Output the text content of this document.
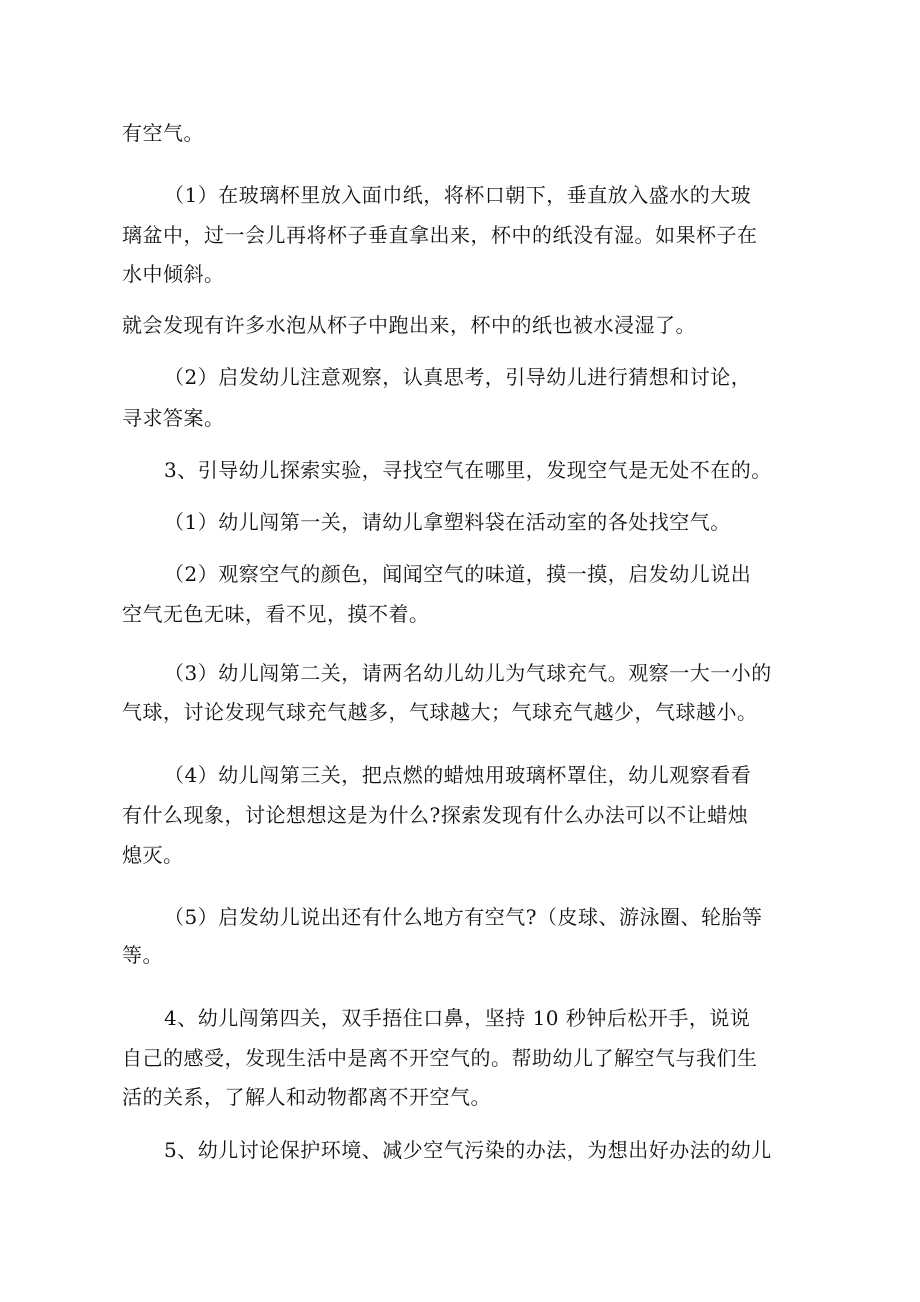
有空气。
（1）在玻璃杯里放入面巾纸，将杯口朝下，垂直放入盛水的大玻
璃盆中，过一会儿再将杯子垂直拿出来，杯中的纸没有湿。如果杯子在
水中倾斜。
就会发现有许多水泡从杯子中跑出来，杯中的纸也被水浸湿了。
（2）启发幼儿注意观察，认真思考，引导幼儿进行猜想和讨论，
寻求答案。
3、引导幼儿探索实验，寻找空气在哪里，发现空气是无处不在的。
（1）幼儿闯第一关，请幼儿拿塑料袋在活动室的各处找空气。
（2）观察空气的颜色，闻闻空气的味道，摸一摸，启发幼儿说出
空气无色无味，看不见，摸不着。
（3）幼儿闯第二关，请两名幼儿幼儿为气球充气。观察一大一小的
气球，讨论发现气球充气越多，气球越大；气球充气越少，气球越小。
（4）幼儿闯第三关，把点燃的蜡烛用玻璃杯罩住，幼儿观察看看
有什么现象，讨论想想这是为什么?探索发现有什么办法可以不让蜡烛
熄灭。
（5）启发幼儿说出还有什么地方有空气?（皮球、游泳圈、轮胎等
等。
4、幼儿闯第四关，双手捂住口鼻，坚持 10 秒钟后松开手，说说
自己的感受，发现生活中是离不开空气的。帮助幼儿了解空气与我们生
活的关系，了解人和动物都离不开空气。
5、幼儿讨论保护环境、减少空气污染的办法，为想出好办法的幼儿
